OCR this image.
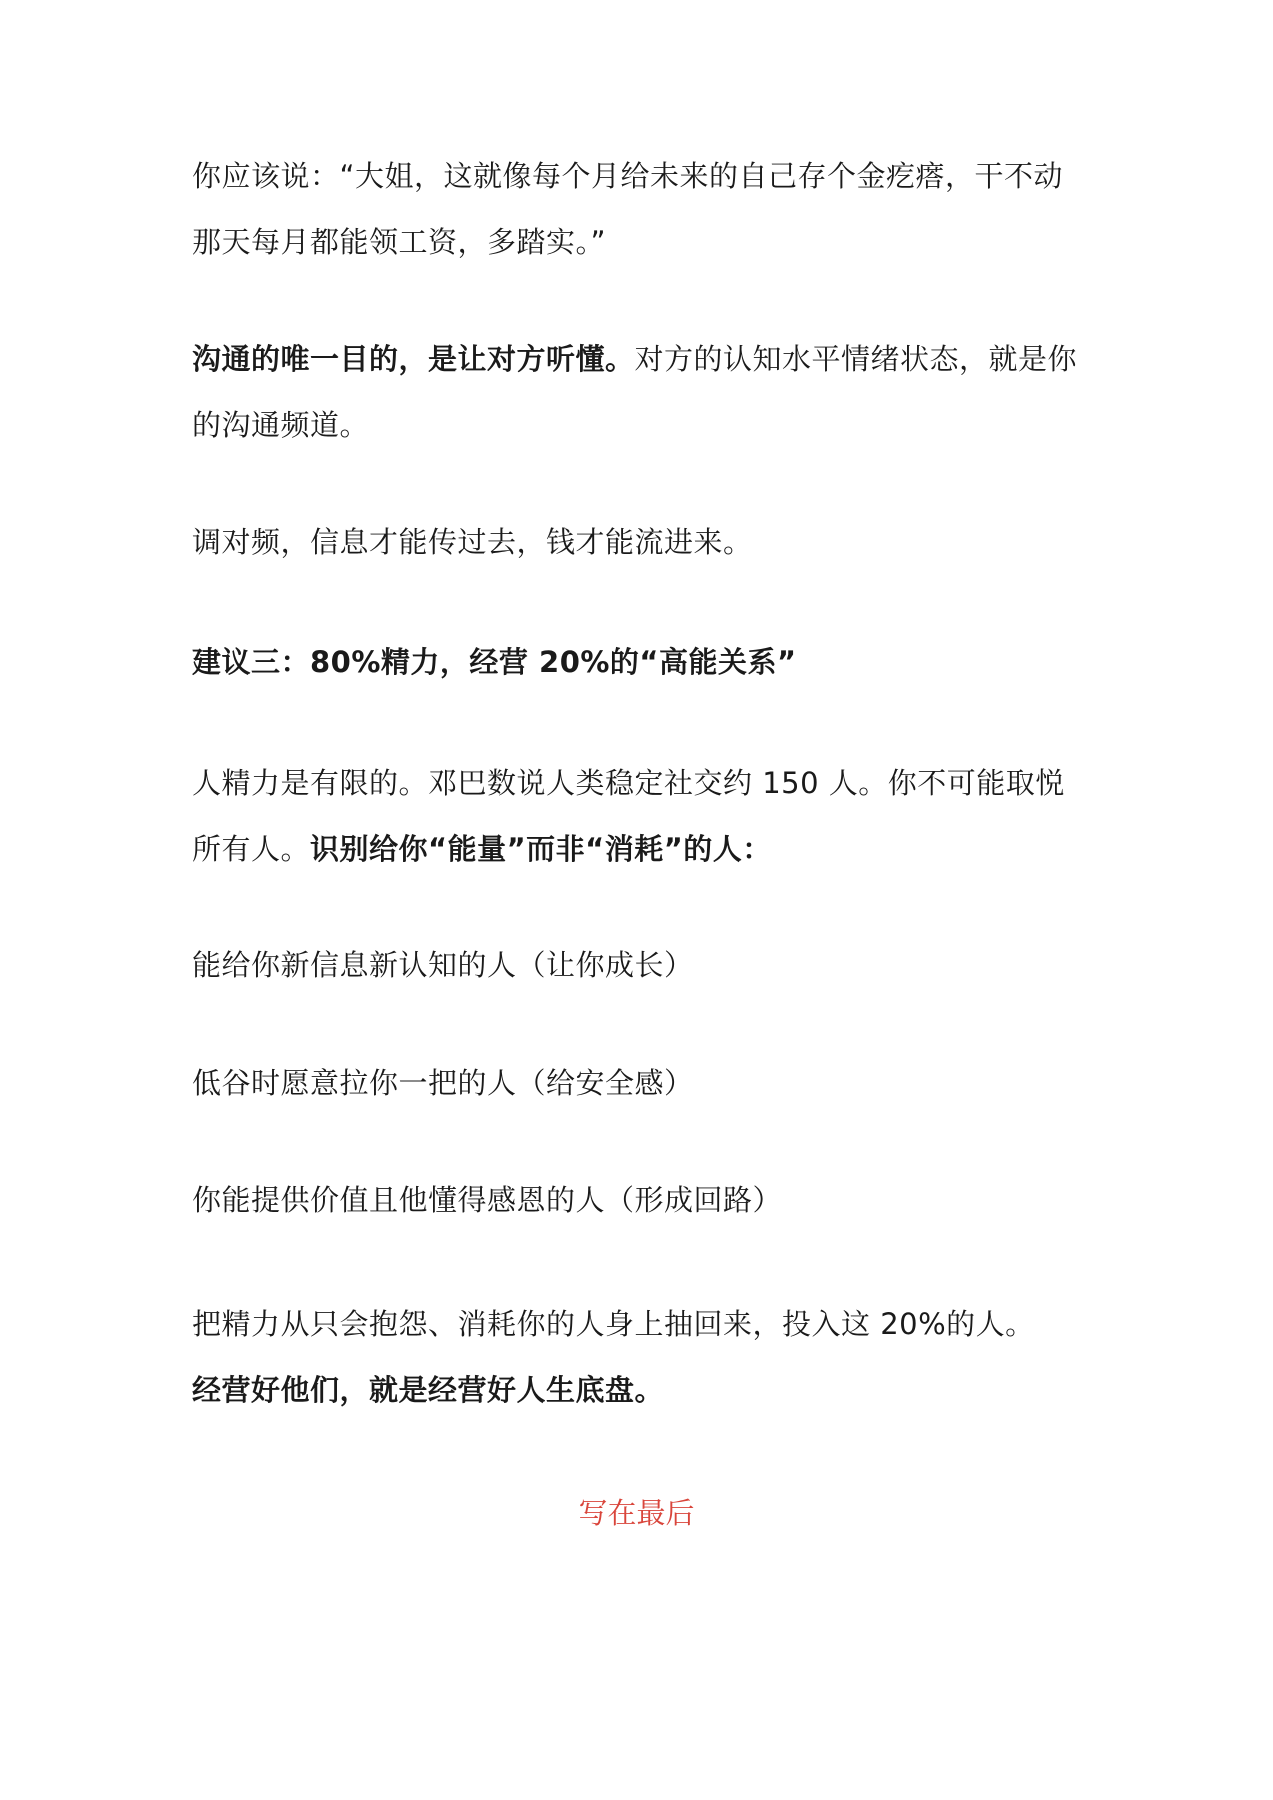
你应该说：“大姐，这就像每个月给未来的自己存个金疙瘩，干不动那天每月都能领工资，多踏实。”

沟通的唯一目的，是让对方听懂。对方的认知水平情绪状态，就是你的沟通频道。

调对频，信息才能传过去，钱才能流进来。

建议三：80%精力，经营 20%的“高能关系”

人精力是有限的。邓巴数说人类稳定社交约 150 人。你不可能取悦所有人。识别给你“能量”而非“消耗”的人：

能给你新信息新认知的人（让你成长）

低谷时愿意拉你一把的人（给安全感）

你能提供价值且他懂得感恩的人（形成回路）

把精力从只会抱怨、消耗你的人身上抽回来，投入这 20%的人。
经营好他们，就是经营好人生底盘。

写在最后
